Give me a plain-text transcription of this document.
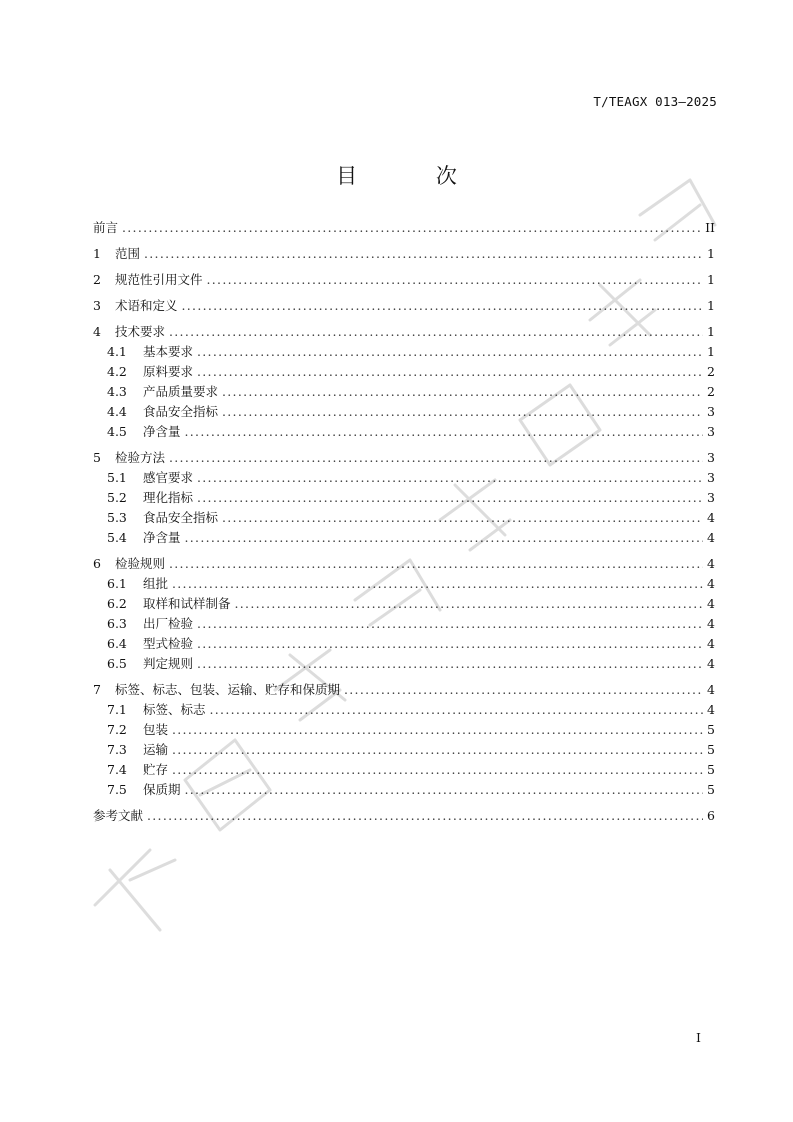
T/TEAGX 013—2025
目 次
前言 .....	II
1	范围 .....	1
2	规范性引用文件 .....	1
3	术语和定义 .....	1
4	技术要求 .....	1
4.1	基本要求 .....	1
4.2	原料要求 .....	2
4.3	产品质量要求 .....	2
4.4	食品安全指标 .....	3
4.5	净含量 .....	3
5	检验方法 .....	3
5.1	感官要求 .....	3
5.2	理化指标 .....	3
5.3	食品安全指标 .....	4
5.4	净含量 .....	4
6	检验规则 .....	4
6.1	组批 .....	4
6.2	取样和试样制备 .....	4
6.3	出厂检验 .....	4
6.4	型式检验 .....	4
6.5	判定规则 .....	4
7	标签、标志、包装、运输、贮存和保质期 .....	4
7.1	标签、标志 .....	4
7.2	包装 .....	5
7.3	运输 .....	5
7.4	贮存 .....	5
7.5	保质期 .....	5
参考文献 .....	6
I
